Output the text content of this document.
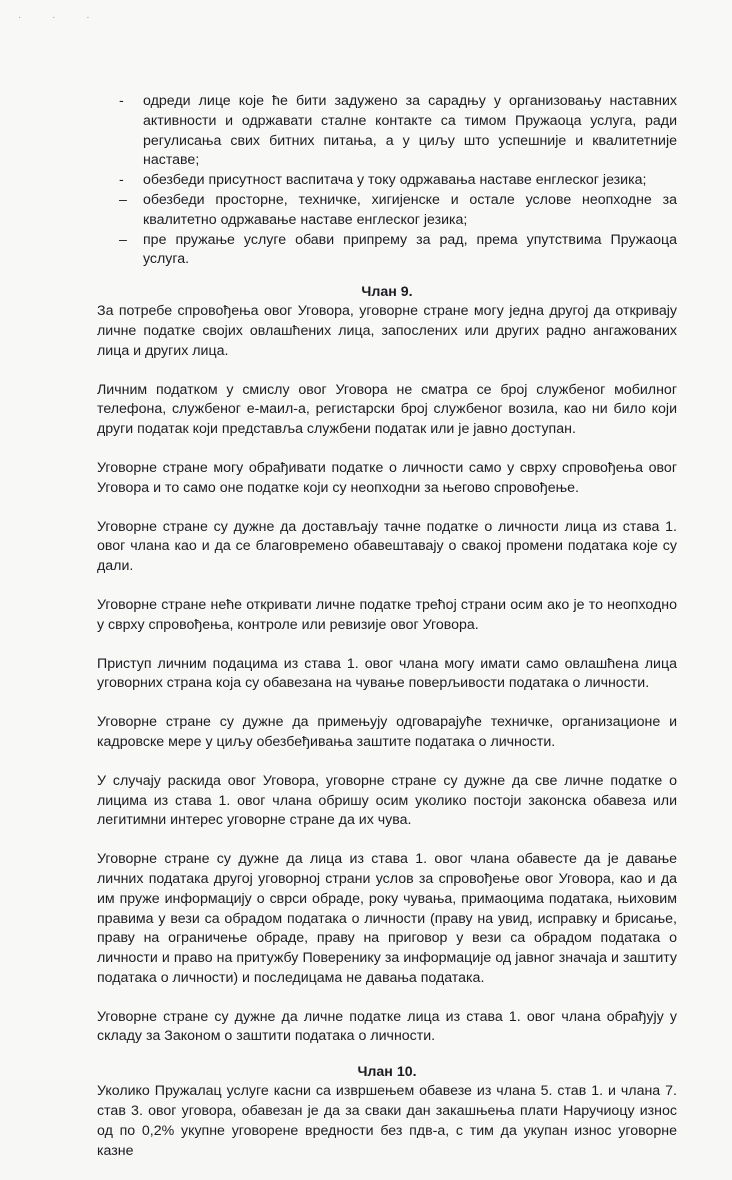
· · ·
- одреди лице које ће бити задужено за сарадњу у организовању наставних активности и одржавати сталне контакте са тимом Пружаоца услуга, ради регулисања свих битних питања, а у циљу што успешније и квалитетније наставе;
- обезбеди присутност васпитача у току одржавања наставе енглеског језика;
– обезбеди просторне, техничке, хигијенске и остале услове неопходне за квалитетно одржавање наставе енглеског језика;
– пре пружање услуге обави припрему за рад, према упутствима Пружаоца услуга.
Члан 9.

За потребе спровођења овог Уговора, уговорне стране могу једна другој да откривају личне податке својих овлашћених лица, запослених или других радно ангажованих лица и других лица.

Личним податком у смислу овог Уговора не сматра се број службеног мобилног телефона, службеног е-маил-а, регистарски број службеног возила, као ни било који други податак који представља службени податак или је јавно доступан.

Уговорне стране могу обрађивати податке о личности само у сврху спровођења овог Уговора и то само оне податке који су неопходни за његово спровођење.

Уговорне стране су дужне да достављају тачне податке о личности лица из става 1. овог члана као и да се благовремено обавештавају о свакој промени података које су дали.

Уговорне стране неће откривати личне податке трећој страни осим ако је то неопходно у сврху спровођења, контроле или ревизије овог Уговора.

Приступ личним подацима из става 1. овог члана могу имати само овлашћена лица уговорних страна која су обавезана на чување поверљивости података о личности.

Уговорне стране су дужне да примењују одговарајуће техничке, организационе и кадровске мере у циљу обезбеђивања заштите података о личности.

У случају раскида овог Уговора, уговорне стране су дужне да све личне податке о лицима из става 1. овог члана обришу осим уколико постоји законска обавеза или легитимни интерес уговорне стране да их чува.

Уговорне стране су дужне да лица из става 1. овог члана обавесте да је давање личних података другој уговорној страни услов за спровођење овог Уговора, као и да им пруже информацију о сврси обраде, року чувања, примаоцима података, њиховим правима у вези са обрадом података о личности (праву на увид, исправку и брисање, праву на ограничење обраде, праву на приговор у вези са обрадом података о личности и право на притужбу Поверенику за информације од јавног значаја и заштиту података о личности) и последицама не давања података.

Уговорне стране су дужне да личне податке лица из става 1. овог члана обрађују у складу за Законом о заштити података о личности.

Члан 10.

Уколико Пружалац услуге касни са извршењем обавезе из члана 5. став 1. и члана 7. став 3. овог уговора, обавезан је да за сваки дан закашњења плати Наручиоцу износ од по 0,2% укупне уговорене вредности без пдв-а, с тим да укупан износ уговорне казне
